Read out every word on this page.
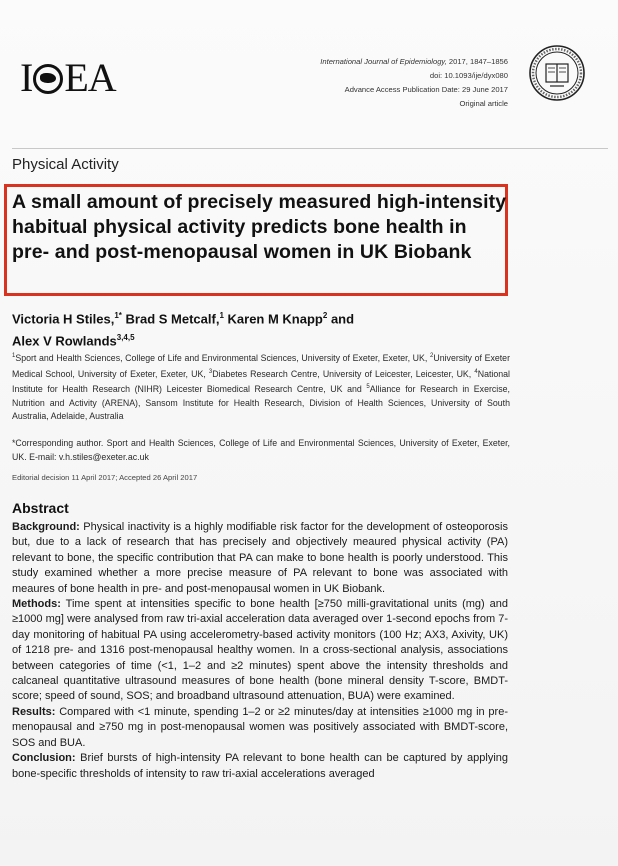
I EA	International Journal of Epidemiology, 2017, 1847–1856
doi: 10.1093/ije/dyx080
Advance Access Publication Date: 29 June 2017
Original article
Physical Activity
A small amount of precisely measured high-intensity habitual physical activity predicts bone health in pre- and post-menopausal women in UK Biobank
Victoria H Stiles,$^{1*}$ Brad S Metcalf,$^1$ Karen M Knapp$^2$ and
Alex V Rowlands$^{3,4,5}$
$^1$Sport and Health Sciences, College of Life and Environmental Sciences, University of Exeter, Exeter, UK, $^2$University of Exeter Medical School, University of Exeter, Exeter, UK, $^3$Diabetes Research Centre, University of Leicester, Leicester, UK, $^4$National Institute for Health Research (NIHR) Leicester Biomedical Research Centre, UK and $^5$Alliance for Research in Exercise, Nutrition and Activity (ARENA), Sansom Institute for Health Research, Division of Health Sciences, University of South Australia, Adelaide, Australia
*Corresponding author. Sport and Health Sciences, College of Life and Environmental Sciences, University of Exeter, Exeter, UK. E-mail: v.h.stiles@exeter.ac.uk
Editorial decision 11 April 2017; Accepted 26 April 2017
Abstract

Background: Physical inactivity is a highly modifiable risk factor for the development of osteoporosis but, due to a lack of research that has precisely and objectively meaured physical activity (PA) relevant to bone, the specific contribution that PA can make to bone health is poorly understood. This study examined whether a more precise measure of PA relevant to bone was associated with meaures of bone health in pre- and post-menopausal women in UK Biobank.

Methods: Time spent at intensities specific to bone health [≥750 milli-gravitational units (mg) and ≥1000 mg] were analysed from raw tri-axial acceleration data averaged over 1-second epochs from 7-day monitoring of habitual PA using accelerometry-based activity monitors (100 Hz; AX3, Axivity, UK) of 1218 pre- and 1316 post-menopausal healthy women. In a cross-sectional analysis, associations between categories of time (<1, 1–2 and ≥2 minutes) spent above the intensity thresholds and calcaneal quantitative ultrasound measures of bone health (bone mineral density T-score, BMDT-score; speed of sound, SOS; and broadband ultrasound attenuation, BUA) were examined.

Results: Compared with <1 minute, spending 1–2 or ≥2 minutes/day at intensities ≥1000 mg in pre-menopausal and ≥750 mg in post-menopausal women was positively associated with BMDT-score, SOS and BUA.

Conclusion: Brief bursts of high-intensity PA relevant to bone health can be captured by applying bone-specific thresholds of intensity to raw tri-axial accelerations averaged
